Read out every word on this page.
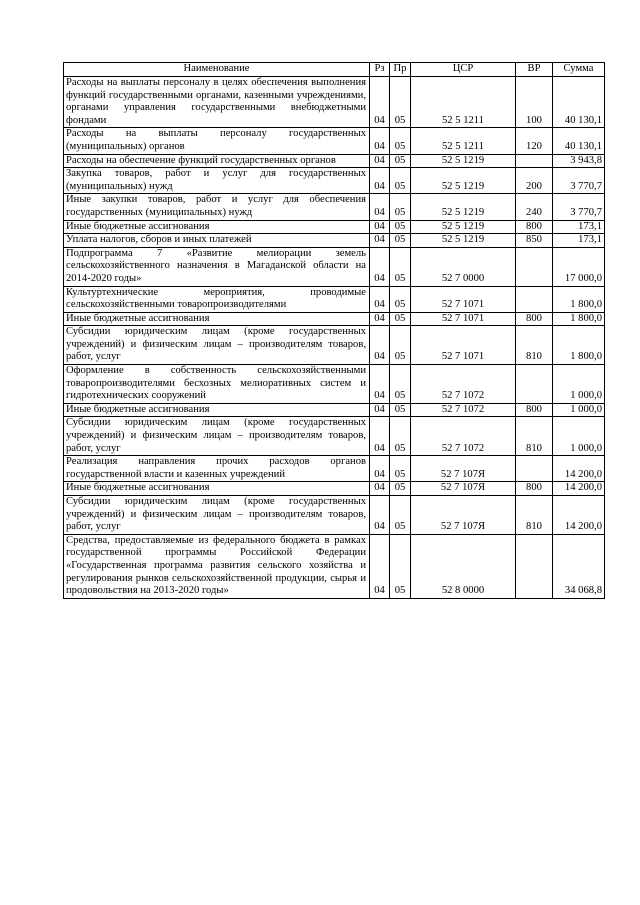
Наименование	Рз	Пр	ЦСР	ВР	Сумма
Расходы на выплаты персоналу в целях обеспечения выполнения функций государственными органами, казенными учреждениями, органами управления государственными внебюджетными фондами	04	05	52 5 1211	100	40 130,1
Расходы на выплаты персоналу государственных (муниципальных) органов	04	05	52 5 1211	120	40 130,1
Расходы на обеспечение функций государственных органов	04	05	52 5 1219		3 943,8
Закупка товаров, работ и услуг для государственных (муниципальных) нужд	04	05	52 5 1219	200	3 770,7
Иные закупки товаров, работ и услуг для обеспечения государственных (муниципальных) нужд	04	05	52 5 1219	240	3 770,7
Иные бюджетные ассигнования	04	05	52 5 1219	800	173,1
Уплата налогов, сборов и иных платежей	04	05	52 5 1219	850	173,1
Подпрограмма 7 «Развитие мелиорации земель сельскохозяйственного назначения в Магаданской области на 2014-2020 годы»	04	05	52 7 0000		17 000,0
Культуртехнические мероприятия, проводимые сельскохозяйственными товаропроизводителями	04	05	52 7 1071		1 800,0
Иные бюджетные ассигнования	04	05	52 7 1071	800	1 800,0
Субсидии юридическим лицам (кроме государственных учреждений) и физическим лицам – производителям товаров, работ, услуг	04	05	52 7 1071	810	1 800,0
Оформление в собственность сельскохозяйственными товаропроизводителями бесхозных мелиоративных систем и гидротехнических сооружений	04	05	52 7 1072		1 000,0
Иные бюджетные ассигнования	04	05	52 7 1072	800	1 000,0
Субсидии юридическим лицам (кроме государственных учреждений) и физическим лицам – производителям товаров, работ, услуг	04	05	52 7 1072	810	1 000,0
Реализация направления прочих расходов органов государственной власти и казенных учреждений	04	05	52 7 107Я		14 200,0
Иные бюджетные ассигнования	04	05	52 7 107Я	800	14 200,0
Субсидии юридическим лицам (кроме государственных учреждений) и физическим лицам – производителям товаров, работ, услуг	04	05	52 7 107Я	810	14 200,0
Средства, предоставляемые из федерального бюджета в рамках государственной программы Российской Федерации «Государственная программа развития сельского хозяйства и регулирования рынков сельскохозяйственной продукции, сырья и продовольствия на 2013-2020 годы»	04	05	52 8 0000		34 068,8
